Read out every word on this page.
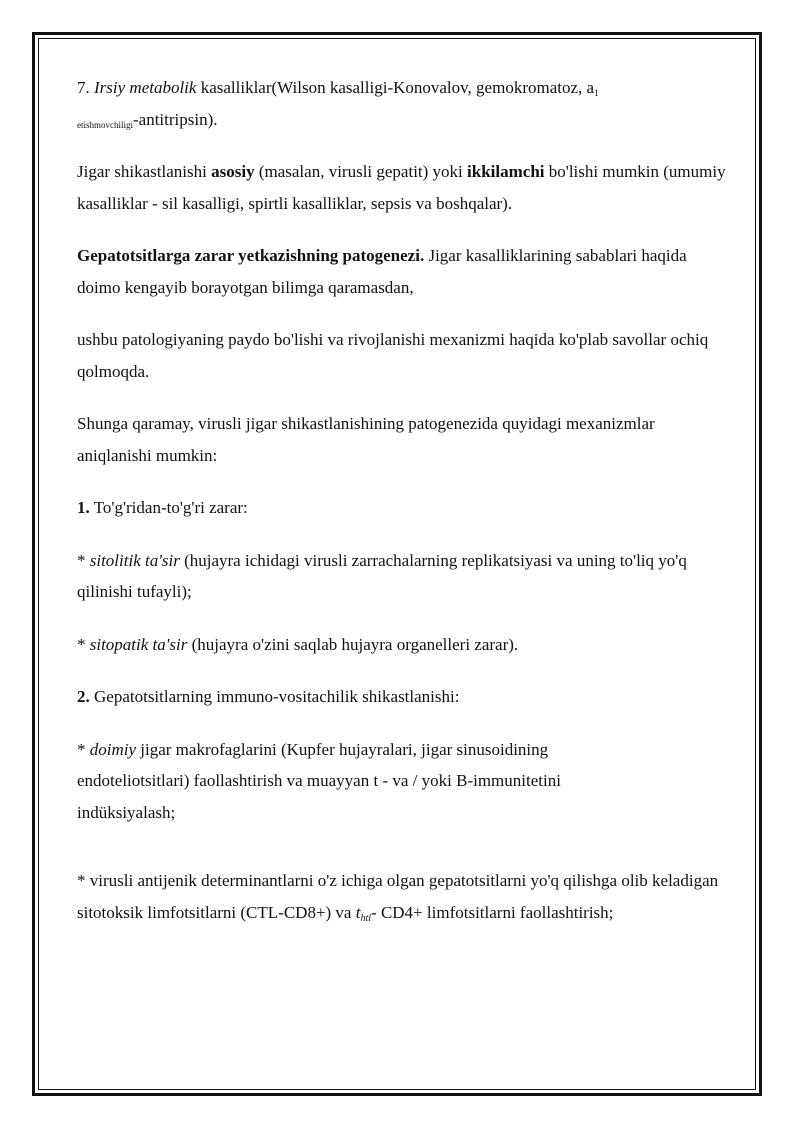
7. Irsiy metabolik kasalliklar(Wilson kasalligi-Konovalov, gemokromatoz, a1
etishmovchiligi-antitripsin).

Jigar shikastlanishi asosiy (masalan, virusli gepatit) yoki ikkilamchi bo'lishi mumkin (umumiy kasalliklar - sil kasalligi, spirtli kasalliklar, sepsis va boshqalar).

Gepatotsitlarga zarar yetkazishning patogenezi. Jigar kasalliklarining sabablari haqida doimo kengayib borayotgan bilimga qaramasdan,

ushbu patologiyaning paydo bo'lishi va rivojlanishi mexanizmi haqida ko'plab savollar ochiq qolmoqda.

Shunga qaramay, virusli jigar shikastlanishining patogenezida quyidagi mexanizmlar aniqlanishi mumkin:

1. To'g'ridan-to'g'ri zarar:

* sitolitik ta'sir (hujayra ichidagi virusli zarrachalarning replikatsiyasi va uning to'liq yo'q qilinishi tufayli);

* sitopatik ta'sir (hujayra o'zini saqlab hujayra organelleri zarar).

2. Gepatotsitlarning immuno-vositachilik shikastlanishi:

* doimiy jigar makrofaglarini (Kupfer hujayralari, jigar sinusoidining
endoteliotsitlari) faollashtirish va muayyan t - va / yoki B-immunitetini
indüksiyalash;

* virusli antijenik determinantlarni o'z ichiga olgan gepatotsitlarni yo'q qilishga olib keladigan sitotoksik limfotsitlarni (CTL-CD8+) va thtl- CD4+ limfotsitlarni faollashtirish;
